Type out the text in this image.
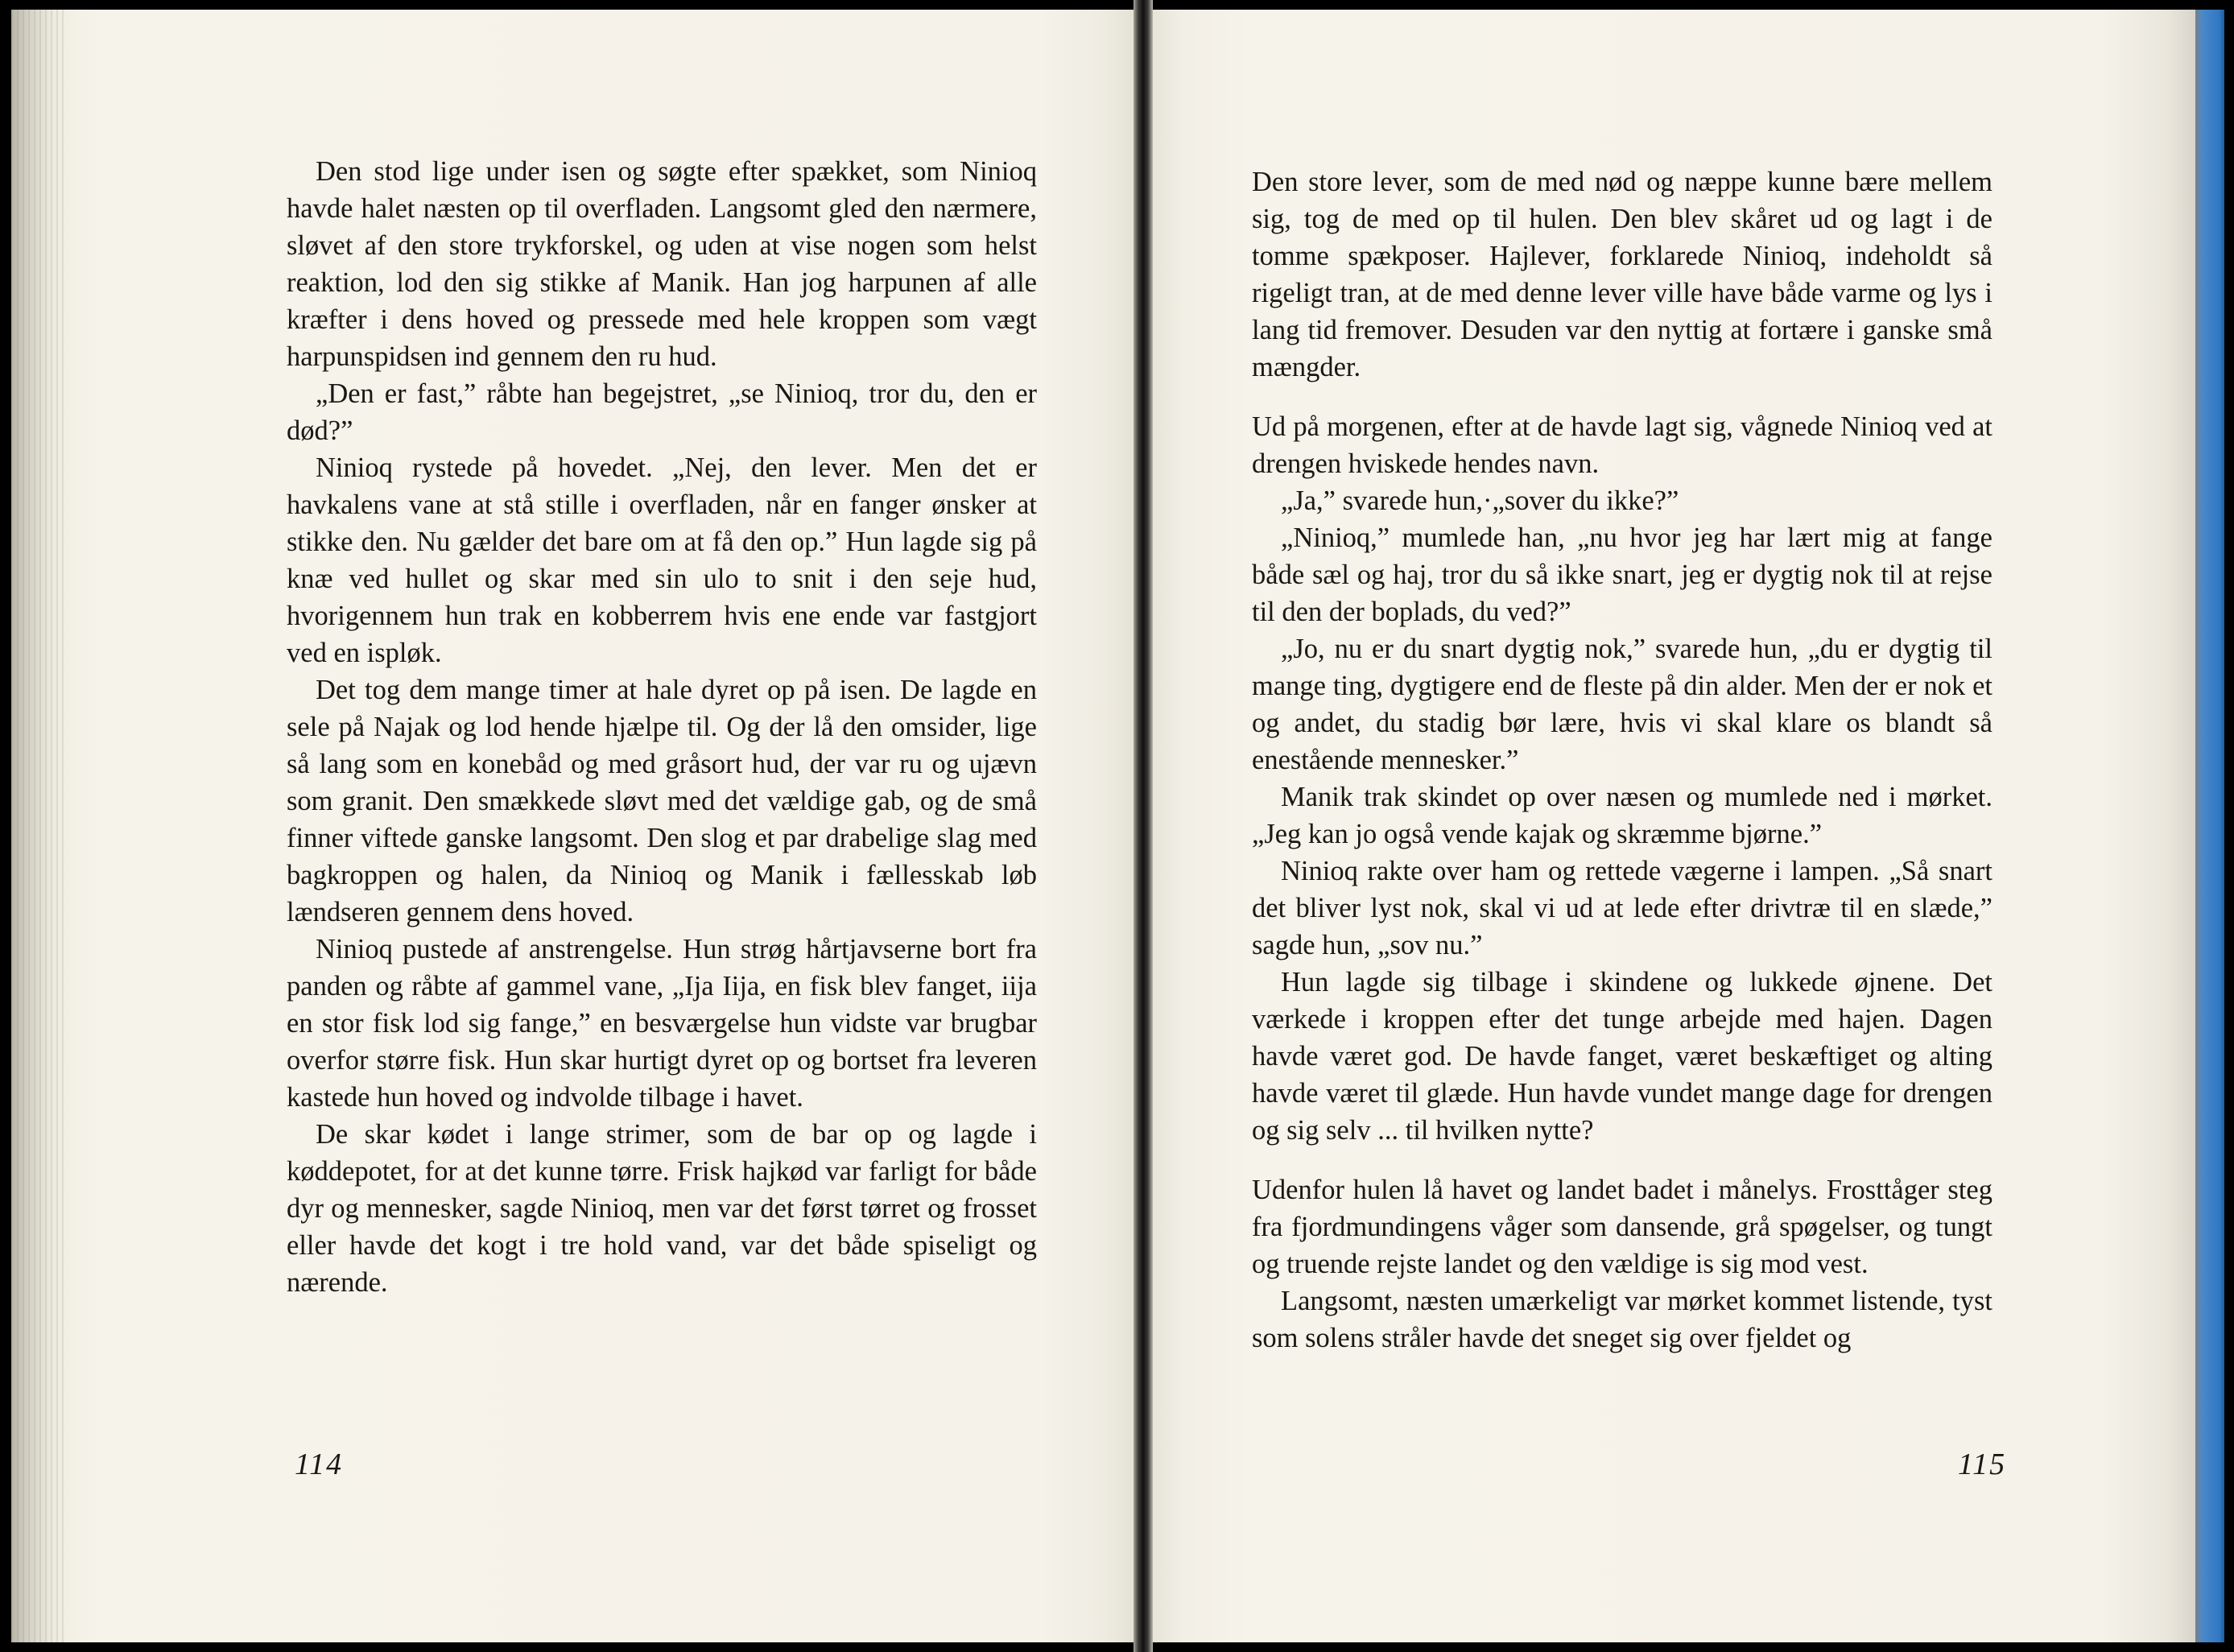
Den stod lige under isen og søgte efter spækket, som Ninioq havde halet næsten op til overfladen. Langsomt gled den nærmere, sløvet af den store trykforskel, og uden at vise nogen som helst reaktion, lod den sig stikke af Manik. Han jog harpunen af alle kræfter i dens hoved og pressede med hele kroppen som vægt harpunspidsen ind gennem den ru hud.

„Den er fast,” råbte han begejstret, „se Ninioq, tror du, den er død?”

Ninioq rystede på hovedet. „Nej, den lever. Men det er havkalens vane at stå stille i overfladen, når en fanger ønsker at stikke den. Nu gælder det bare om at få den op.” Hun lagde sig på knæ ved hullet og skar med sin ulo to snit i den seje hud, hvorigennem hun trak en kobberrem hvis ene ende var fastgjort ved en ispløk.

Det tog dem mange timer at hale dyret op på isen. De lagde en sele på Najak og lod hende hjælpe til. Og der lå den omsider, lige så lang som en konebåd og med gråsort hud, der var ru og ujævn som granit. Den smækkede sløvt med det vældige gab, og de små finner viftede ganske langsomt. Den slog et par drabelige slag med bagkroppen og halen, da Ninioq og Manik i fællesskab løb lændseren gennem dens hoved.

Ninioq pustede af anstrengelse. Hun strøg hårtjavserne bort fra panden og råbte af gammel vane, „Ija Iija, en fisk blev fanget, iija en stor fisk lod sig fange,” en besværgelse hun vidste var brugbar overfor større fisk. Hun skar hurtigt dyret op og bortset fra leveren kastede hun hoved og indvolde tilbage i havet.

De skar kødet i lange strimer, som de bar op og lagde i køddepotet, for at det kunne tørre. Frisk hajkød var farligt for både dyr og mennesker, sagde Ninioq, men var det først tørret og frosset eller havde det kogt i tre hold vand, var det både spiseligt og nærende.

114

Den store lever, som de med nød og næppe kunne bære mellem sig, tog de med op til hulen. Den blev skåret ud og lagt i de tomme spækposer. Hajlever, forklarede Ninioq, indeholdt så rigeligt tran, at de med denne lever ville have både varme og lys i lang tid fremover. Desuden var den nyttig at fortære i ganske små mængder.

Ud på morgenen, efter at de havde lagt sig, vågnede Ninioq ved at drengen hviskede hendes navn.

„Ja,” svarede hun,·„sover du ikke?”

„Ninioq,” mumlede han, „nu hvor jeg har lært mig at fange både sæl og haj, tror du så ikke snart, jeg er dygtig nok til at rejse til den der boplads, du ved?”

„Jo, nu er du snart dygtig nok,” svarede hun, „du er dygtig til mange ting, dygtigere end de fleste på din alder. Men der er nok et og andet, du stadig bør lære, hvis vi skal klare os blandt så enestående mennesker.”

Manik trak skindet op over næsen og mumlede ned i mørket. „Jeg kan jo også vende kajak og skræmme bjørne.”

Ninioq rakte over ham og rettede vægerne i lampen. „Så snart det bliver lyst nok, skal vi ud at lede efter drivtræ til en slæde,” sagde hun, „sov nu.”

Hun lagde sig tilbage i skindene og lukkede øjnene. Det værkede i kroppen efter det tunge arbejde med hajen. Dagen havde været god. De havde fanget, været beskæftiget og alting havde været til glæde. Hun havde vundet mange dage for drengen og sig selv ... til hvilken nytte?

Udenfor hulen lå havet og landet badet i månelys. Frosttåger steg fra fjordmundingens våger som dansende, grå spøgelser, og tungt og truende rejste landet og den vældige is sig mod vest.

Langsomt, næsten umærkeligt var mørket kommet listende, tyst som solens stråler havde det sneget sig over fjeldet og

115
